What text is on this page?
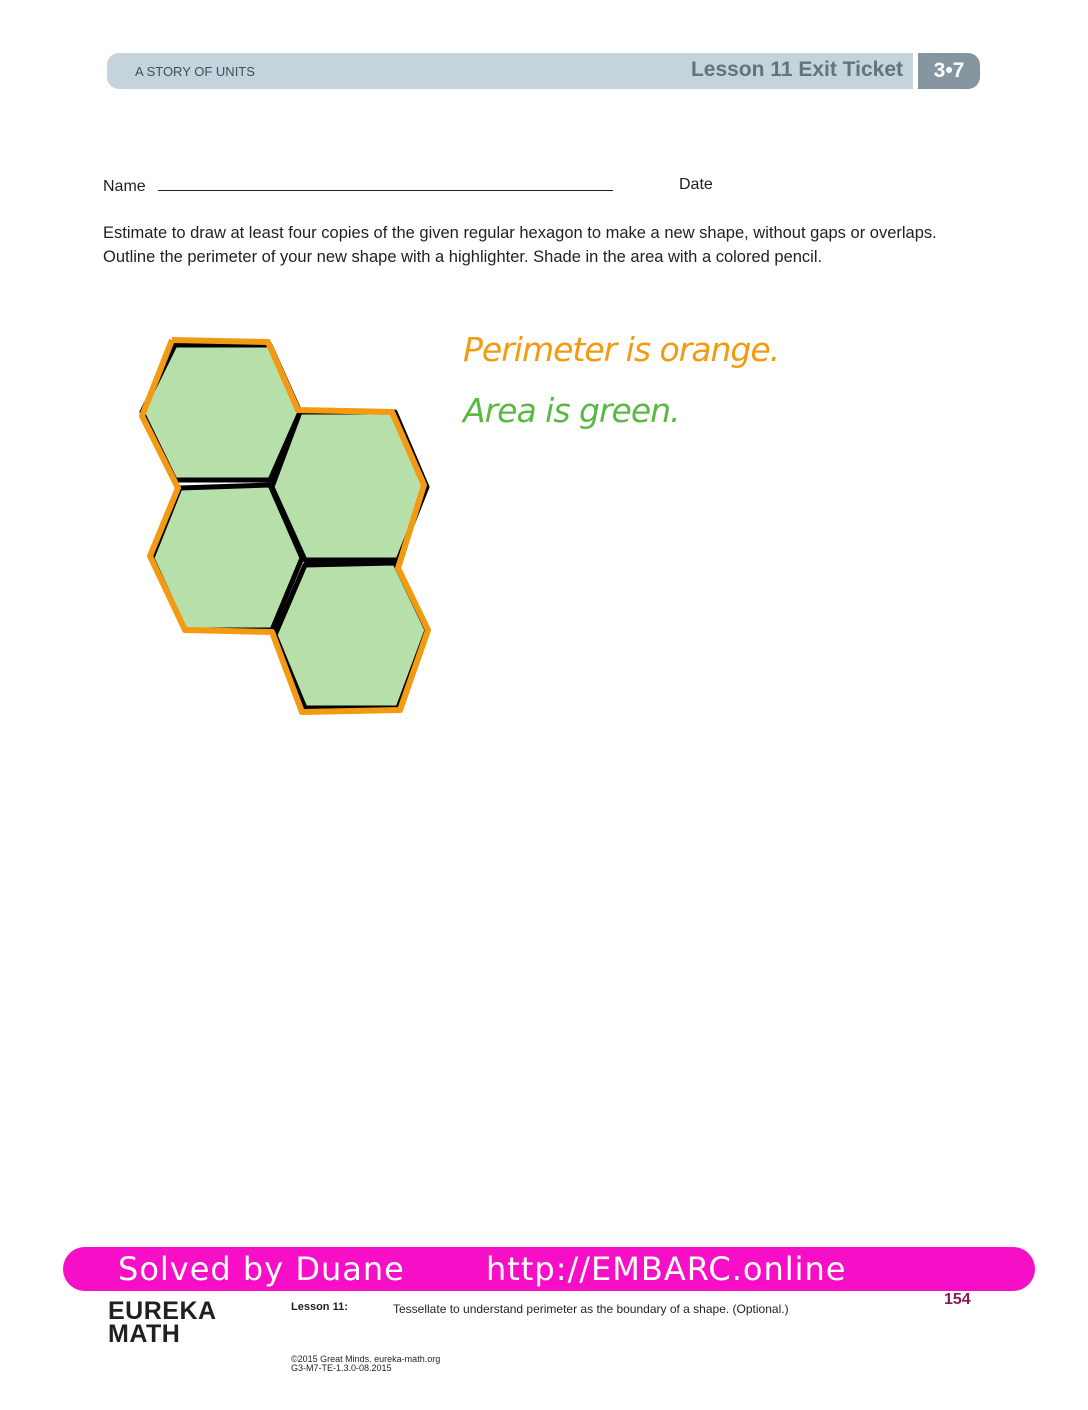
A STORY OF UNITS	Lesson 11 Exit Ticket	3•7
Name	Date
Estimate to draw at least four copies of the given regular hexagon to make a new shape, without gaps or overlaps. Outline the perimeter of your new shape with a highlighter. Shade in the area with a colored pencil.
Perimeter is orange.
Area is green.
Solved by Duane	http://EMBARC.online
EUREKA
MATH
Lesson 11:	Tessellate to understand perimeter as the boundary of a shape. (Optional.)
154
©2015 Great Minds. eureka-math.org
G3-M7-TE-1.3.0-08.2015
